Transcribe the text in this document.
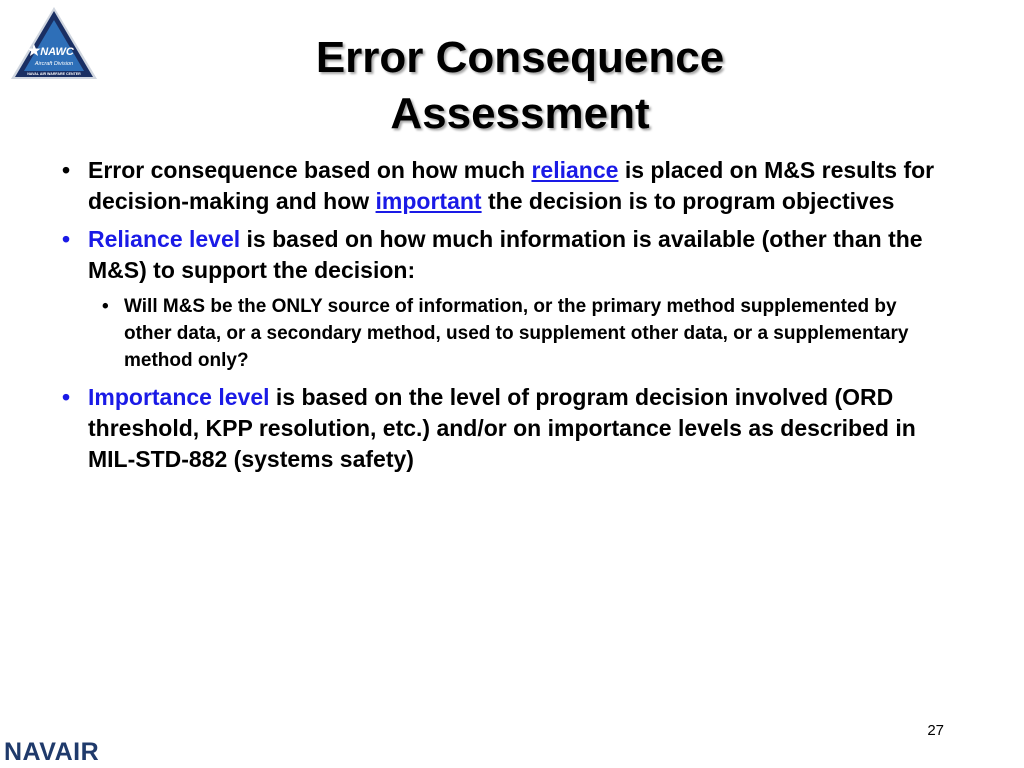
NAWC
Aircraft Division
NAVAL AIR WARFARE CENTER	Error Consequence
Assessment
• Error consequence based on how much reliance is placed on M&S results for decision-making and how important the decision is to program objectives
• Reliance level is based on how much information is available (other than the M&S) to support the decision:
• Will M&S be the ONLY source of information, or the primary method supplemented by other data, or a secondary method, used to supplement other data, or a supplementary method only?
• Importance level is based on the level of program decision involved (ORD threshold, KPP resolution, etc.) and/or on importance levels as described in MIL-STD-882 (systems safety)
27
NAVAIR
